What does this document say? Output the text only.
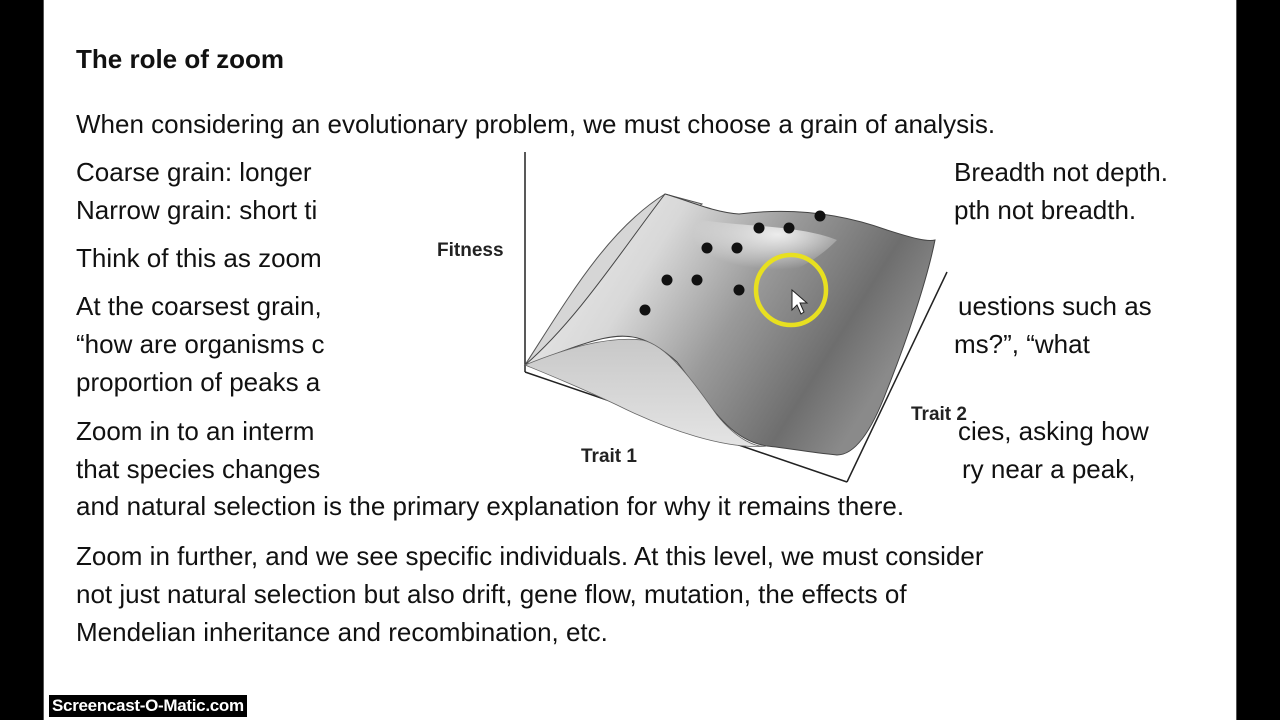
The role of zoom

When considering an evolutionary problem, we must choose a grain of analysis.

Coarse grain: longer	Breadth not depth.

Narrow grain: short ti	pth not breadth.

Think of this as zoom

At the coarsest grain,	uestions such as

“how are organisms c	ms?”, “what

proportion of peaks a

Zoom in to an interm	cies, asking how

that species changes	ry near a peak,

and natural selection is the primary explanation for why it remains there.

Zoom in further, and we see specific individuals. At this level, we must consider

not just natural selection but also drift, gene flow, mutation, the effects of

Mendelian inheritance and recombination, etc.

Fitness
Trait 1
Trait 2
Screencast-O-Matic.com
